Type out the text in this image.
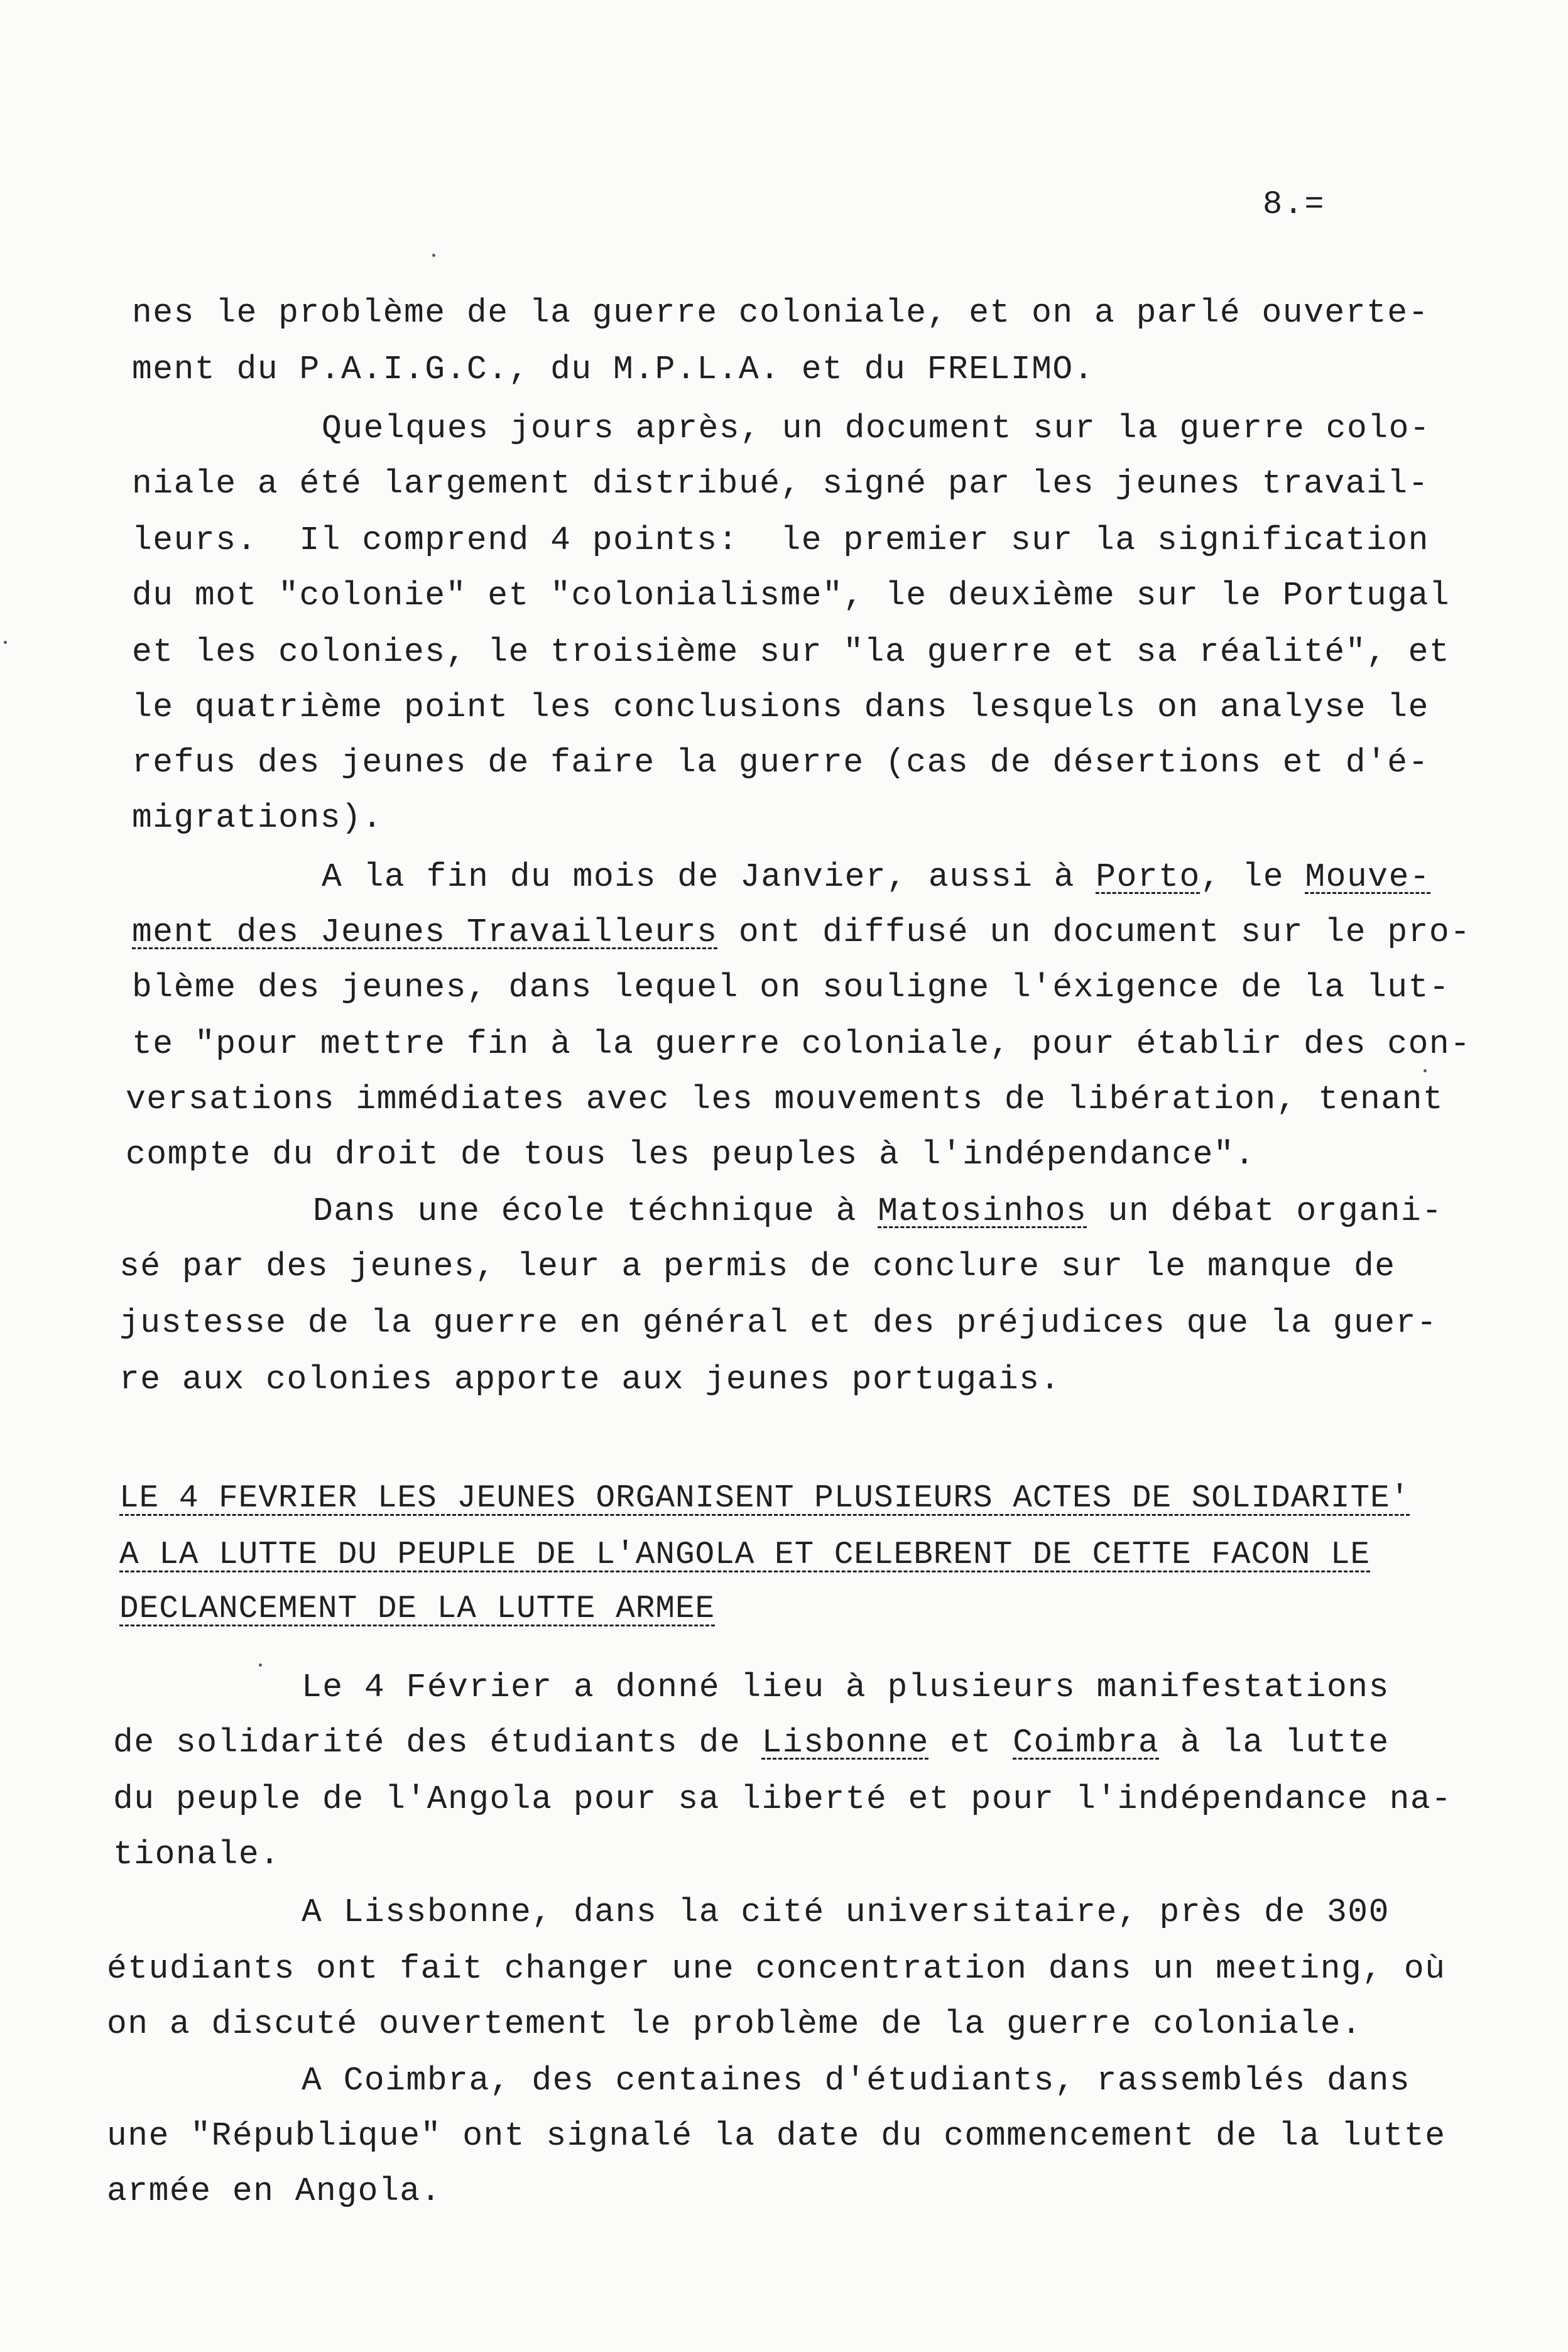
8.=
nes le problème de la guerre coloniale, et on a parlé ouverte-
ment du P.A.I.G.C., du M.P.L.A. et du FRELIMO.
Quelques jours après, un document sur la guerre colo-
niale a été largement distribué, signé par les jeunes travail-
leurs.  Il comprend 4 points:  le premier sur la signification
du mot "colonie" et "colonialisme", le deuxième sur le Portugal
et les colonies, le troisième sur "la guerre et sa réalité", et
le quatrième point les conclusions dans lesquels on analyse le
refus des jeunes de faire la guerre (cas de désertions et d'é-
migrations).
A la fin du mois de Janvier, aussi à Porto, le Mouve-
ment des Jeunes Travailleurs ont diffusé un document sur le pro-
blème des jeunes, dans lequel on souligne l'éxigence de la lut-
te "pour mettre fin à la guerre coloniale, pour établir des con-
versations immédiates avec les mouvements de libération, tenant
compte du droit de tous les peuples à l'indépendance".
Dans une école téchnique à Matosinhos un débat organi-
sé par des jeunes, leur a permis de conclure sur le manque de
justesse de la guerre en général et des préjudices que la guer-
re aux colonies apporte aux jeunes portugais.
LE 4 FEVRIER LES JEUNES ORGANISENT PLUSIEURS ACTES DE SOLIDARITE'
A LA LUTTE DU PEUPLE DE L'ANGOLA ET CELEBRENT DE CETTE FACON LE
DECLANCEMENT DE LA LUTTE ARMEE
Le 4 Février a donné lieu à plusieurs manifestations
de solidarité des étudiants de Lisbonne et Coimbra à la lutte
du peuple de l'Angola pour sa liberté et pour l'indépendance na-
tionale.
A Lissbonne, dans la cité universitaire, près de 300
étudiants ont fait changer une concentration dans un meeting, où
on a discuté ouvertement le problème de la guerre coloniale.
A Coimbra, des centaines d'étudiants, rassemblés dans
une "République" ont signalé la date du commencement de la lutte
armée en Angola.
